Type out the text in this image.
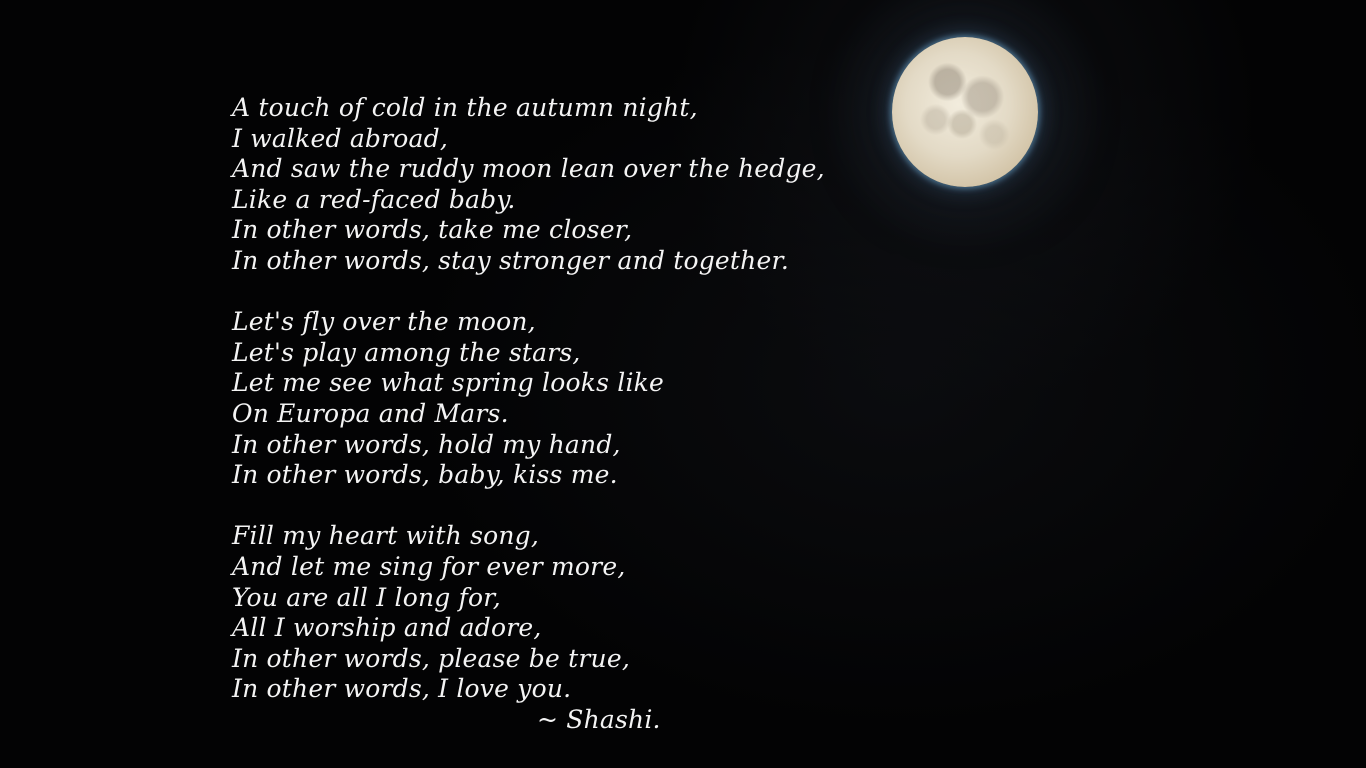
A touch of cold in the autumn night,
I walked abroad,
And saw the ruddy moon lean over the hedge,
Like a red-faced baby.
In other words, take me closer,
In other words, stay stronger and together.
Let's fly over the moon,
Let's play among the stars,
Let me see what spring looks like
On Europa and Mars.
In other words, hold my hand,
In other words, baby, kiss me.
Fill my heart with song,
And let me sing for ever more,
You are all I long for,
All I worship and adore,
In other words, please be true,
In other words, I love you.
~ Shashi.
